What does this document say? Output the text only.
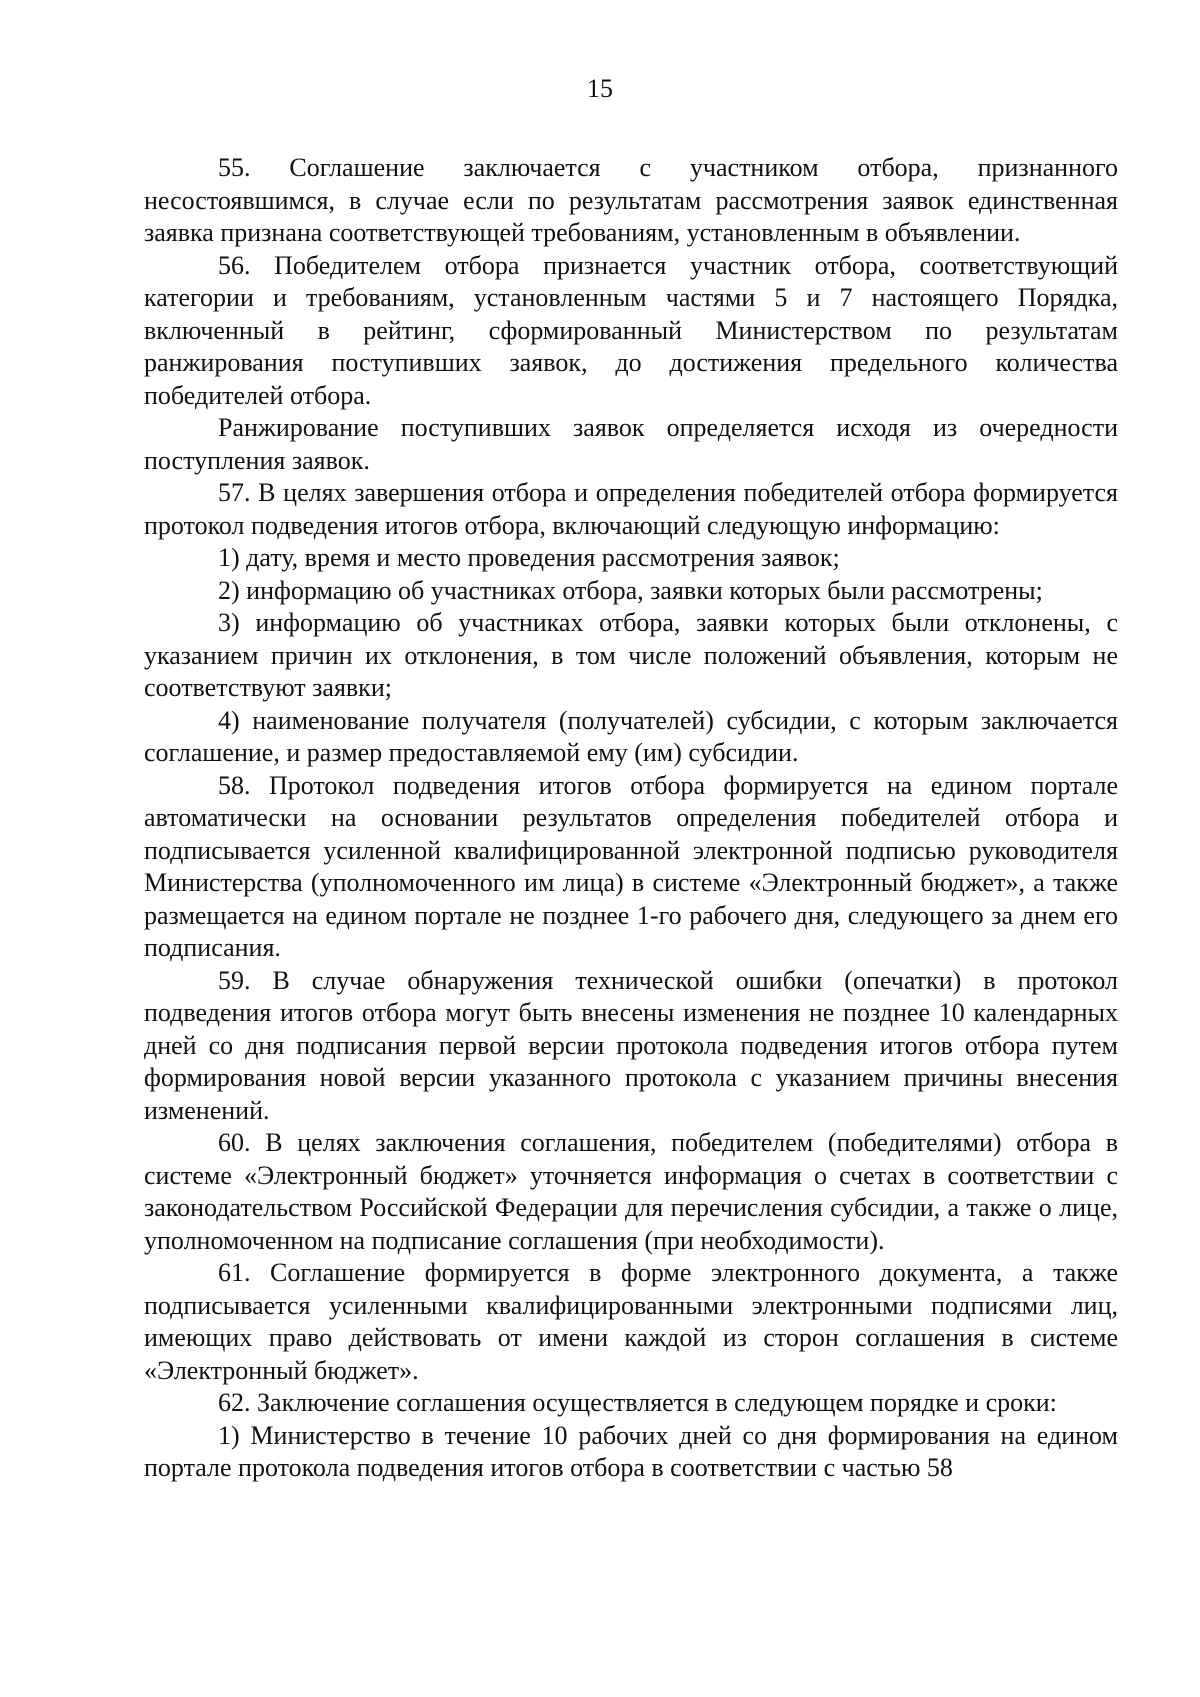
15

55. Соглашение заключается с участником отбора, признанного несостоявшимся, в случае если по результатам рассмотрения заявок единственная заявка признана соответствующей требованиям, установленным в объявлении.

56. Победителем отбора признается участник отбора, соответствующий категории и требованиям, установленным частями 5 и 7 настоящего Порядка, включенный в рейтинг, сформированный Министерством по результатам ранжирования поступивших заявок, до достижения предельного количества победителей отбора.

Ранжирование поступивших заявок определяется исходя из очередности поступления заявок.

57. В целях завершения отбора и определения победителей отбора формируется протокол подведения итогов отбора, включающий следующую информацию:

1) дату, время и место проведения рассмотрения заявок;

2) информацию об участниках отбора, заявки которых были рассмотрены;

3) информацию об участниках отбора, заявки которых были отклонены, с указанием причин их отклонения, в том числе положений объявления, которым не соответствуют заявки;

4) наименование получателя (получателей) субсидии, с которым заключается соглашение, и размер предоставляемой ему (им) субсидии.

58. Протокол подведения итогов отбора формируется на едином портале автоматически на основании результатов определения победителей отбора и подписывается усиленной квалифицированной электронной подписью руководителя Министерства (уполномоченного им лица) в системе «Электронный бюджет», а также размещается на едином портале не позднее 1-го рабочего дня, следующего за днем его подписания.

59. В случае обнаружения технической ошибки (опечатки) в протокол подведения итогов отбора могут быть внесены изменения не позднее 10 календарных дней со дня подписания первой версии протокола подведения итогов отбора путем формирования новой версии указанного протокола с указанием причины внесения изменений.

60. В целях заключения соглашения, победителем (победителями) отбора в системе «Электронный бюджет» уточняется информация о счетах в соответствии с законодательством Российской Федерации для перечисления субсидии, а также о лице, уполномоченном на подписание соглашения (при необходимости).

61. Соглашение формируется в форме электронного документа, а также подписывается усиленными квалифицированными электронными подписями лиц, имеющих право действовать от имени каждой из сторон соглашения в системе «Электронный бюджет».

62. Заключение соглашения осуществляется в следующем порядке и сроки:

1) Министерство в течение 10 рабочих дней со дня формирования на едином портале протокола подведения итогов отбора в соответствии с частью 58
